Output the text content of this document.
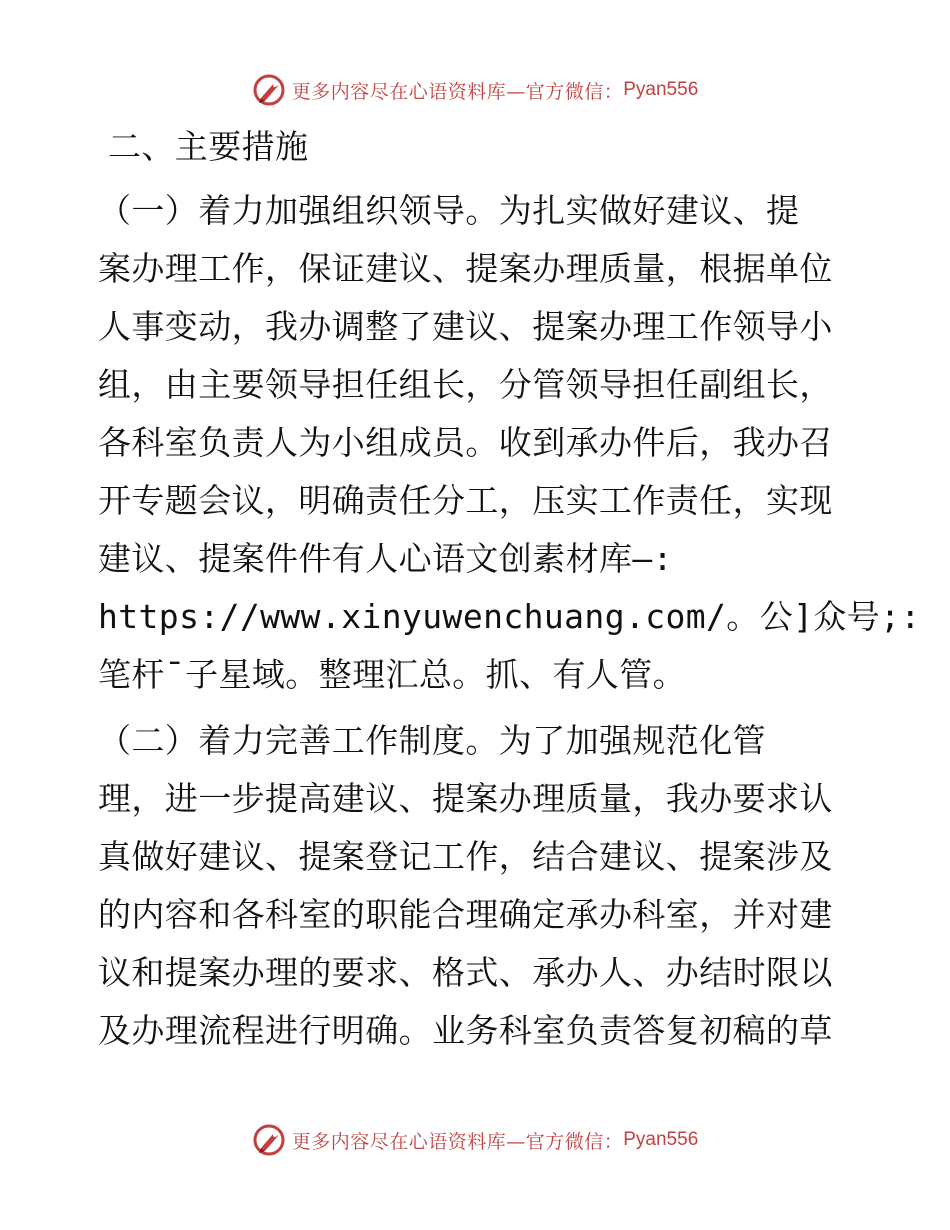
更多内容尽在心语资料库—官方微信： Pyan556
二、主要措施
（一）着力加强组织领导。为扎实做好建议、提
案办理工作，保证建议、提案办理质量，根据单位
人事变动，我办调整了建议、提案办理工作领导小
组，由主要领导担任组长，分管领导担任副组长，
各科室负责人为小组成员。收到承办件后，我办召
开专题会议，明确责任分工，压实工作责任，实现
建议、提案件件有人心语文创素材库—:
https://www.xinyuwenchuang.com/。公]众号;:
笔杆¯子星域。整理汇总。抓、有人管。
（二）着力完善工作制度。为了加强规范化管
理，进一步提高建议、提案办理质量，我办要求认
真做好建议、提案登记工作，结合建议、提案涉及
的内容和各科室的职能合理确定承办科室，并对建
议和提案办理的要求、格式、承办人、办结时限以
及办理流程进行明确。业务科室负责答复初稿的草
更多内容尽在心语资料库—官方微信： Pyan556
